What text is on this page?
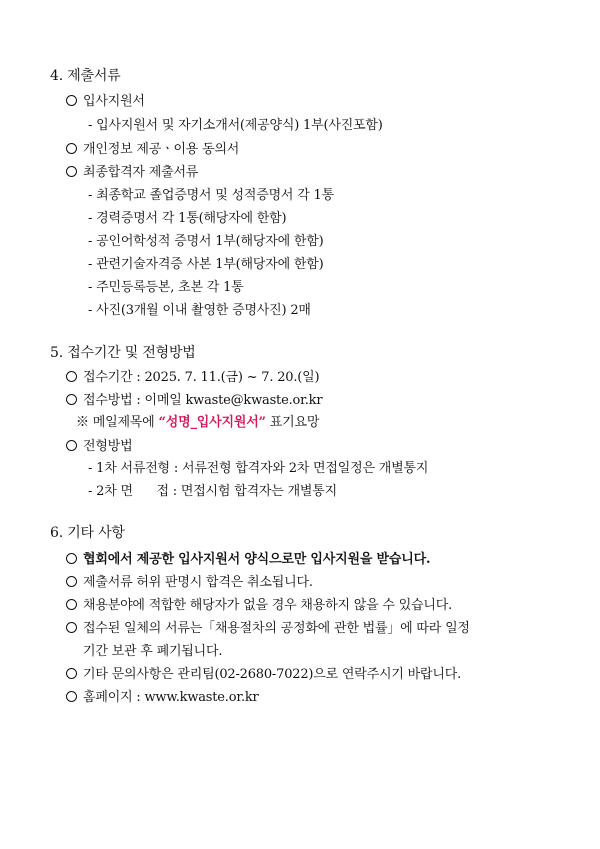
4. 제출서류
입사지원서
- 입사지원서 및 자기소개서(제공양식) 1부(사진포함)
개인정보 제공ㆍ이용 동의서
최종합격자 제출서류
- 최종학교 졸업증명서 및 성적증명서 각 1통
- 경력증명서 각 1통(해당자에 한함)
- 공인어학성적 증명서 1부(해당자에 한함)
- 관련기술자격증 사본 1부(해당자에 한함)
- 주민등록등본, 초본 각 1통
- 사진(3개월 이내 촬영한 증명사진) 2매
5. 접수기간 및 전형방법
접수기간 : 2025. 7. 11.(금) ~ 7. 20.(일)
접수방법 : 이메일 kwaste@kwaste.or.kr
※ 메일제목에 “성명_입사지원서” 표기요망
전형방법
- 1차 서류전형 : 서류전형 합격자와 2차 면접일정은 개별통지
- 2차 면      접 : 면접시험 합격자는 개별통지
6. 기타 사항
협회에서 제공한 입사지원서 양식으로만 입사지원을 받습니다.
제출서류 허위 판명시 합격은 취소됩니다.
채용분야에 적합한 해당자가 없을 경우 채용하지 않을 수 있습니다.
접수된 일체의 서류는「채용절차의 공정화에 관한 법률」에 따라 일정
기간 보관 후 폐기됩니다.
기타 문의사항은 관리팀(02-2680-7022)으로 연락주시기 바랍니다.
홈페이지 : www.kwaste.or.kr
